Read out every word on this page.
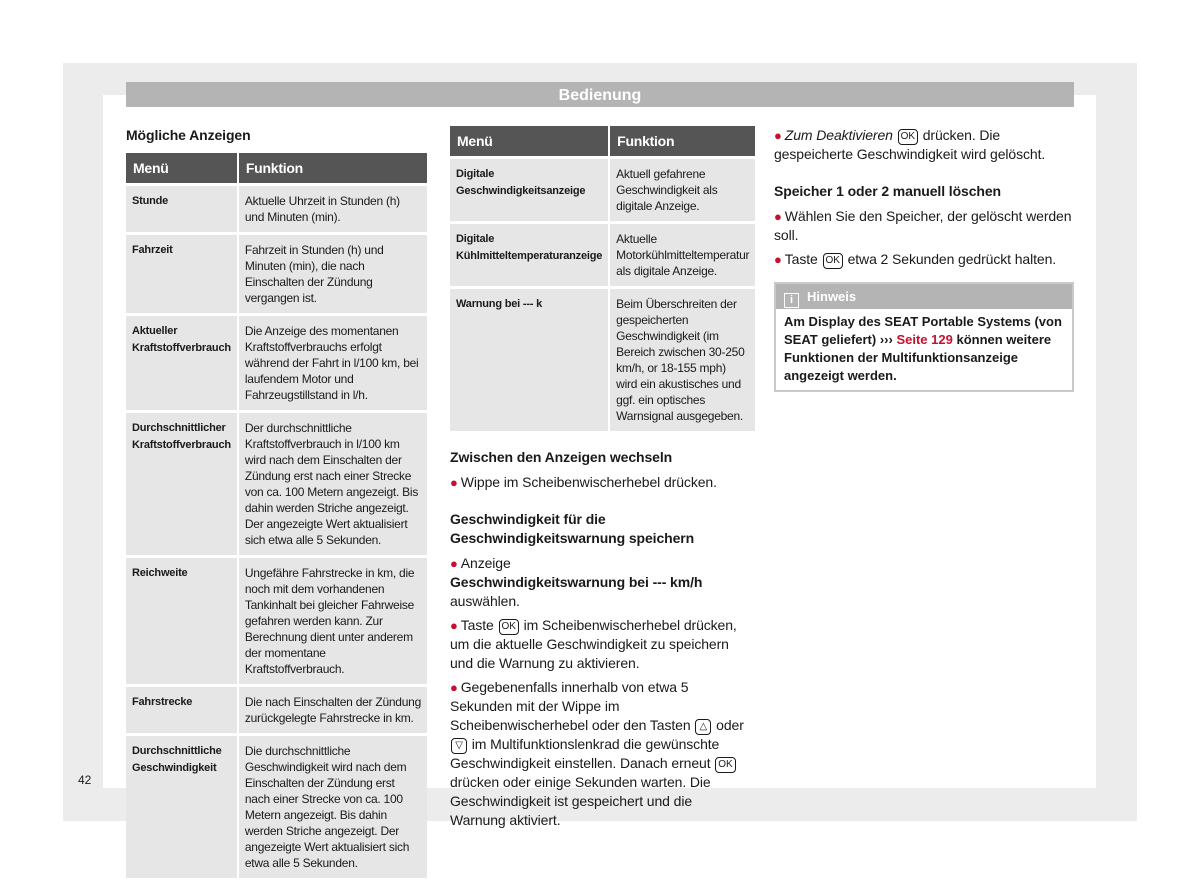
Bedienung
Mögliche Anzeigen
Menü	Funktion
Stunde	Aktuelle Uhrzeit in Stunden (h) und Minuten (min).
Fahrzeit	Fahrzeit in Stunden (h) und Minuten (min), die nach Einschalten der Zündung vergangen ist.
Aktueller Kraftstoffverbrauch	Die Anzeige des momentanen Kraftstoffverbrauchs erfolgt während der Fahrt in l/100 km, bei laufendem Motor und Fahrzeugstillstand in l/h.
Durchschnittlicher Kraftstoffverbrauch	Der durchschnittliche Kraftstoffverbrauch in l/100 km wird nach dem Einschalten der Zündung erst nach einer Strecke von ca. 100 Metern angezeigt. Bis dahin werden Striche angezeigt. Der angezeigte Wert aktualisiert sich etwa alle 5 Sekunden.
Reichweite	Ungefähre Fahrstrecke in km, die noch mit dem vorhandenen Tankinhalt bei gleicher Fahrweise gefahren werden kann. Zur Berechnung dient unter anderem der momentane Kraftstoffverbrauch.
Fahrstrecke	Die nach Einschalten der Zündung zurückgelegte Fahrstrecke in km.
Durchschnittliche Geschwindigkeit	Die durchschnittliche Geschwindigkeit wird nach dem Einschalten der Zündung erst nach einer Strecke von ca. 100 Metern angezeigt. Bis dahin werden Striche angezeigt. Der angezeigte Wert aktualisiert sich etwa alle 5 Sekunden.
Menü	Funktion
Digitale Geschwindigkeitsanzeige	Aktuell gefahrene Geschwindigkeit als digitale Anzeige.
Digitale Kühlmitteltemperaturanzeige	Aktuelle Motorkühlmitteltemperatur als digitale Anzeige.
Warnung bei --- k	Beim Überschreiten der gespeicherten Geschwindigkeit (im Bereich zwischen 30-250 km/h, or 18-155 mph) wird ein akustisches und ggf. ein optisches Warnsignal ausgegeben.
Zwischen den Anzeigen wechseln

● Wippe im Scheibenwischerhebel drücken.

Geschwindigkeit für die Geschwindigkeitswarnung speichern

● Anzeige
Geschwindigkeitswarnung bei --- km/h auswählen.

● Taste OK im Scheibenwischerhebel drücken, um die aktuelle Geschwindigkeit zu speichern und die Warnung zu aktivieren.

● Gegebenenfalls innerhalb von etwa 5 Sekunden mit der Wippe im Scheibenwischerhebel oder den Tasten △ oder ▽ im Multifunktionslenkrad die gewünschte Geschwindigkeit einstellen. Danach erneut OK drücken oder einige Sekunden warten. Die Geschwindigkeit ist gespeichert und die Warnung aktiviert.

● Zum Deaktivieren OK drücken. Die gespeicherte Geschwindigkeit wird gelöscht.

Speicher 1 oder 2 manuell löschen

● Wählen Sie den Speicher, der gelöscht werden soll.

● Taste OK etwa 2 Sekunden gedrückt halten.

i Hinweis
Am Display des SEAT Portable Systems (von SEAT geliefert) ››› Seite 129 können weitere Funktionen der Multifunktionsanzeige angezeigt werden.
42
